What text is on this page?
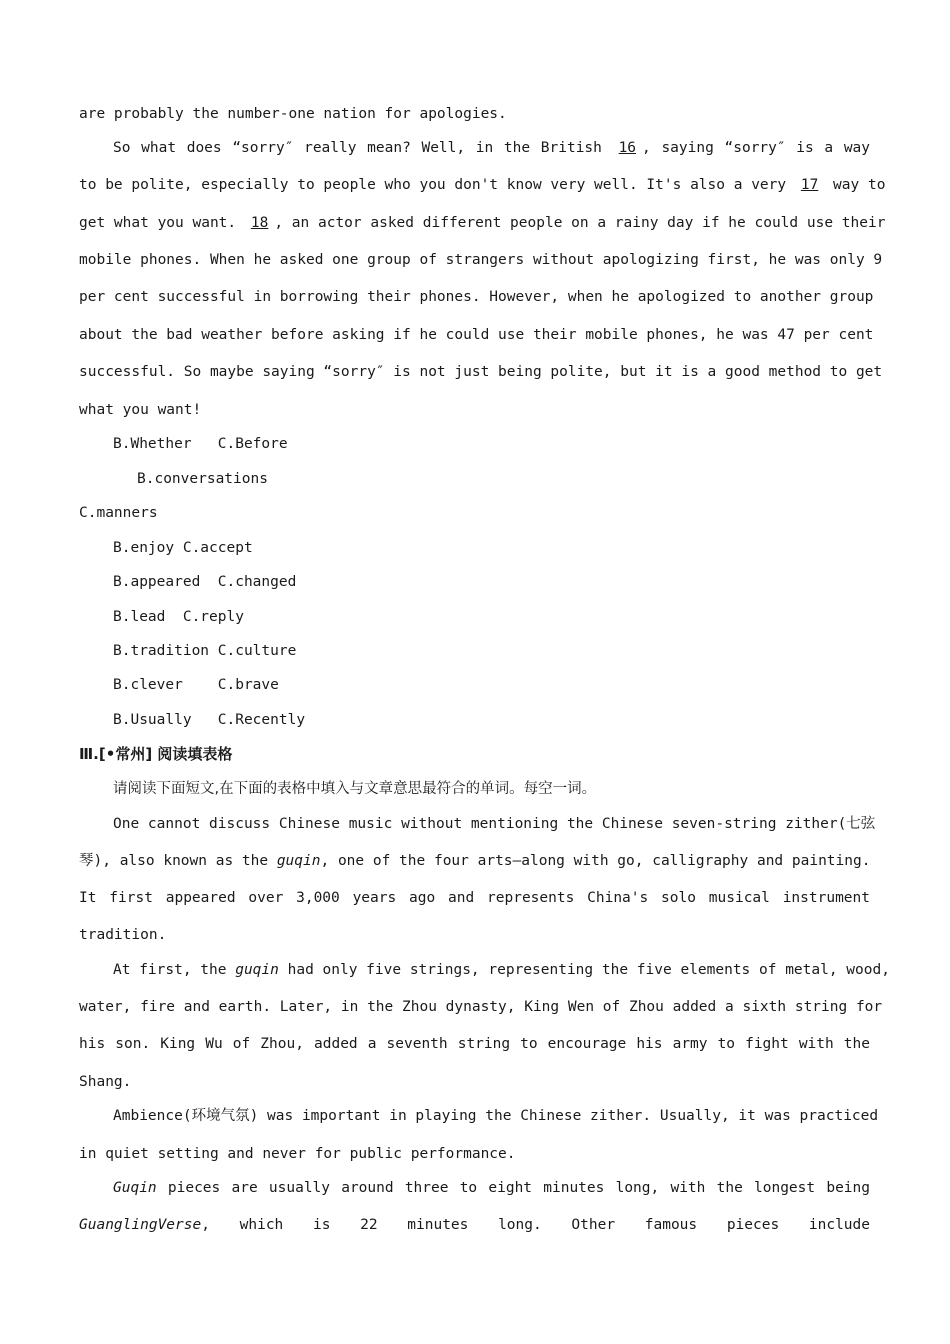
are probably the number-one nation for apologies.
So what does “sorry″ really mean? Well, in the British 16 , saying “sorry″ is a way
to be polite, especially to people who you don't know very well. It's also a very 17 way to
get what you want. 18 , an actor asked different people on a rainy day if he could use their
mobile phones. When he asked one group of strangers without apologizing first, he was only 9
per cent successful in borrowing their phones. However, when he apologized to another group
about the bad weather before asking if he could use their mobile phones, he was 47 per cent
successful. So maybe saying “sorry″ is not just being polite, but it is a good method to get
what you want!
B.Whether   C.Before
B.conversations
C.manners
B.enjoy C.accept
B.appeared  C.changed
B.lead  C.reply
B.tradition C.culture
B.clever    C.brave
B.Usually   C.Recently
Ⅲ.[•常州] 阅读填表格
请阅读下面短文,在下面的表格中填入与文章意思最符合的单词。每空一词。
One cannot discuss Chinese music without mentioning the Chinese seven-string zither(七弦
琴), also known as the guqin, one of the four arts—along with go, calligraphy and painting.
It first appeared over 3,000 years ago and represents China's solo musical instrument
tradition.
At first, the guqin had only five strings, representing the five elements of metal, wood,
water, fire and earth. Later, in the Zhou dynasty, King Wen of Zhou added a sixth string for
his son. King Wu of Zhou, added a seventh string to encourage his army to fight with the
Shang.
Ambience(环境气氛) was important in playing the Chinese zither. Usually, it was practiced
in quiet setting and never for public performance.
Guqin pieces are usually around three to eight minutes long, with the longest being
GuanglingVerse, which is 22 minutes long. Other famous pieces include
